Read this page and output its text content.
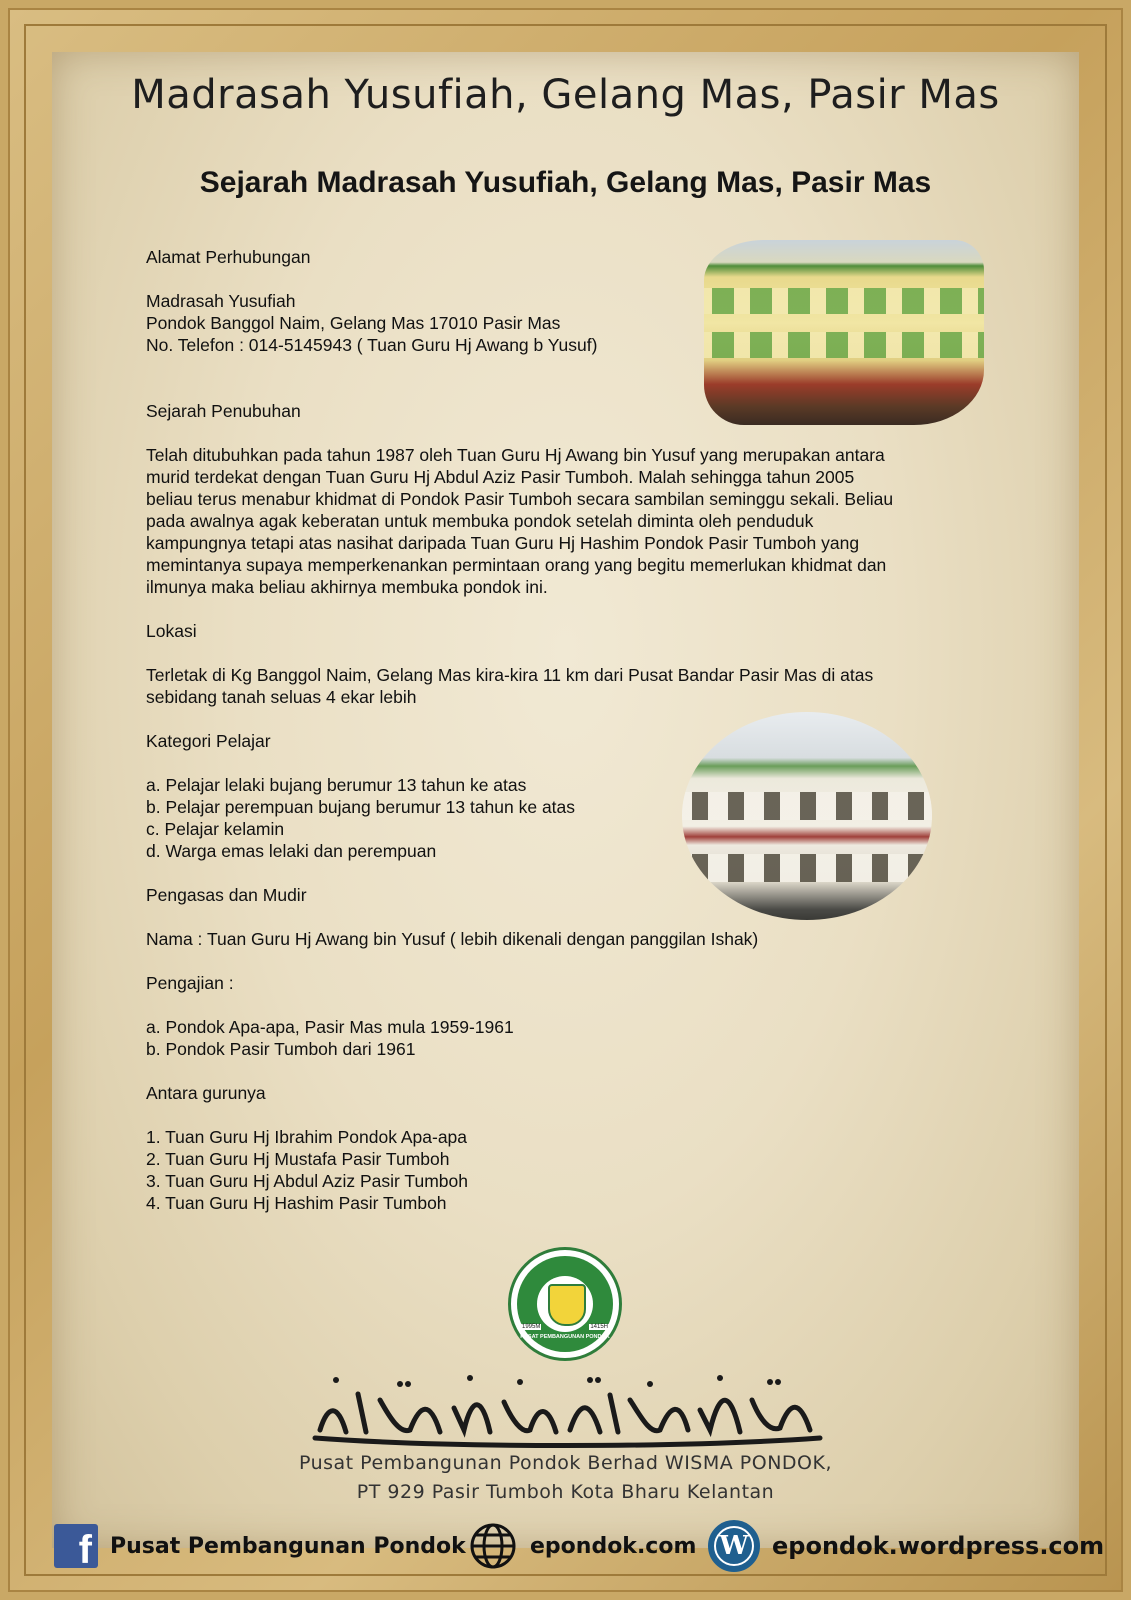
Madrasah Yusufiah, Gelang Mas, Pasir Mas
Sejarah Madrasah Yusufiah, Gelang Mas, Pasir Mas

Alamat Perhubungan

Madrasah Yusufiah

Pondok Banggol Naim, Gelang Mas 17010 Pasir Mas

No. Telefon : 014-5145943 ( Tuan Guru Hj Awang b Yusuf)

Sejarah Penubuhan

Telah ditubuhkan pada tahun 1987 oleh Tuan Guru Hj Awang bin Yusuf yang merupakan antara

murid terdekat dengan Tuan Guru Hj Abdul Aziz Pasir Tumboh. Malah sehingga tahun 2005

beliau terus menabur khidmat di Pondok Pasir Tumboh secara sambilan seminggu sekali. Beliau

pada awalnya agak keberatan untuk membuka pondok setelah diminta oleh penduduk

kampungnya tetapi atas nasihat daripada Tuan Guru Hj Hashim Pondok Pasir Tumboh yang

memintanya supaya memperkenankan permintaan orang yang begitu memerlukan khidmat dan

ilmunya maka beliau akhirnya membuka pondok ini.

Lokasi

Terletak di Kg Banggol Naim, Gelang Mas kira-kira 11 km dari Pusat Bandar Pasir Mas di atas

sebidang tanah seluas 4 ekar lebih

Kategori Pelajar

a. Pelajar lelaki bujang berumur 13 tahun ke atas

b. Pelajar perempuan bujang berumur 13 tahun ke atas

c. Pelajar kelamin

d. Warga emas lelaki dan perempuan

Pengasas dan Mudir

Nama : Tuan Guru Hj Awang bin Yusuf ( lebih dikenali dengan panggilan Ishak)

Pengajian :

a. Pondok Apa-apa, Pasir Mas mula 1959-1961

b. Pondok Pasir Tumboh dari 1961

Antara gurunya

1. Tuan Guru Hj Ibrahim Pondok Apa-apa

2. Tuan Guru Hj Mustafa Pasir Tumboh

3. Tuan Guru Hj Abdul Aziz Pasir Tumboh

4. Tuan Guru Hj Hashim Pasir Tumboh

1995M	1415H
PUSAT PEMBANGUNAN PONDOK
Pusat Pembangunan Pondok Berhad WISMA PONDOK,
PT 929 Pasir Tumboh Kota Bharu Kelantan
f Pusat Pembangunan Pondok	epondok.com W epondok.wordpress.com
